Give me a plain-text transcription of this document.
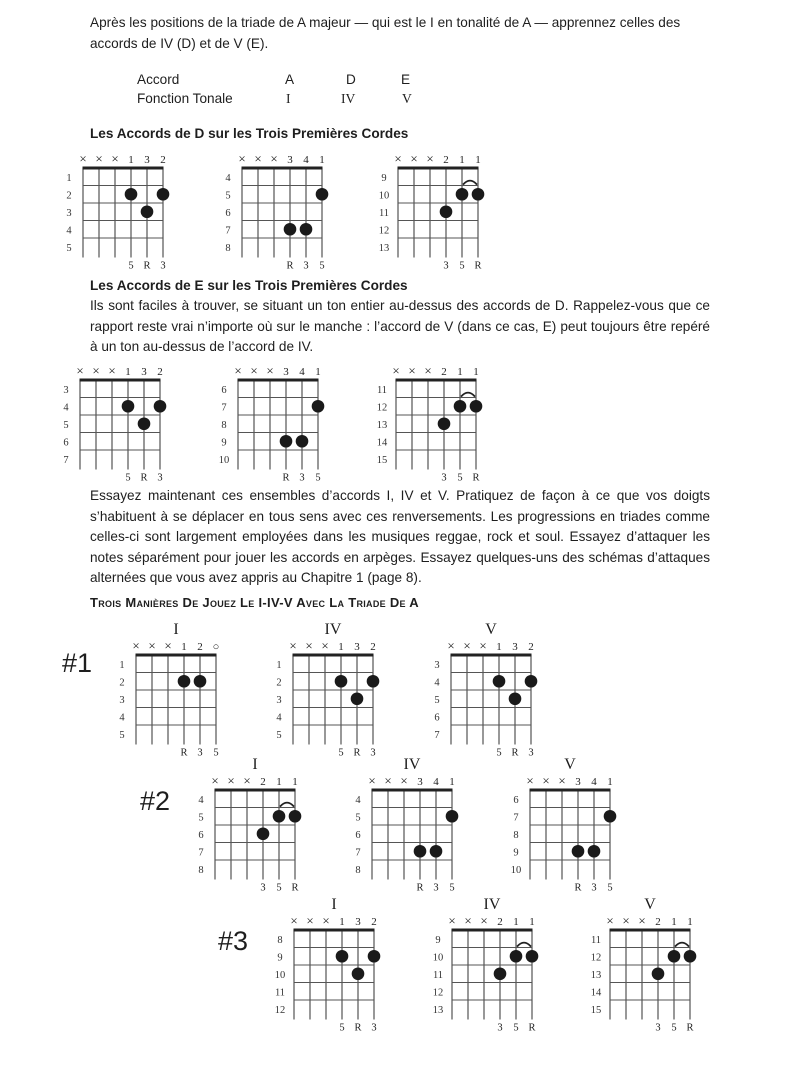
Après les positions de la triade de A majeur — qui est le I en tonalité de A — apprennez celles des accords de IV (D) et de V (E).
Accord	A	D	E
Fonction Tonale	I	IV	V
Les Accords de D sur les Trois Premières Cordes
Les Accords de E sur les Trois Premières Cordes
Ils sont faciles à trouver, se situant un ton entier au-dessus des accords de D. Rappelez-vous que ce rapport reste vrai n’importe où sur le manche : l’accord de V (dans ce cas, E) peut toujours être repéré à un ton au-dessus de l’accord de IV.
Essayez maintenant ces ensembles d’accords I, IV et V. Pratiquez de façon à ce que vos doigts s’habituent à se déplacer en tous sens avec ces renversements. Les progressions en triades comme celles-ci sont largement employées dans les musiques reggae, rock et soul. Essayez d’attaquer les notes séparément pour jouer les accords en arpèges. Essayez quelques-uns des schémas d’attaques alternées que vous avez appris au Chapitre 1 (page 8).
Trois Manières De Jouez Le I-IV-V Avec La Triade De A
#1
#2
#3
× × × 1
5
3
R
2
3
1
2
3
4
5
× × × 3
R
4
3
1
5
4
5
6
7
8
× × × 2
3
1
5
1
R
9
10
11
12
13
× × × 1
5
3
R
2
3
3
4
5
6
7
× × × 3
R
4
3
1
5
6
7
8
9
10
× × × 2
3
1
5
1
R
11
12
13
14
15
I
× × × 1
R
2
3
○
5
1
2
3
4
5
IV
× × × 1
5
3
R
2
3
1
2
3
4
5
V
× × × 1
5
3
R
2
3
3
4
5
6
7
I
× × × 2
3
1
5
1
R
4
5
6
7
8
IV
× × × 3
R
4
3
1
5
4
5
6
7
8
V
× × × 3
R
4
3
1
5
6
7
8
9
10
I
× × × 1
5
3
R
2
3
8
9
10
11
12
IV
× × × 2
3
1
5
1
R
9
10
11
12
13
V
× × × 2
3
1
5
1
R
11
12
13
14
15
